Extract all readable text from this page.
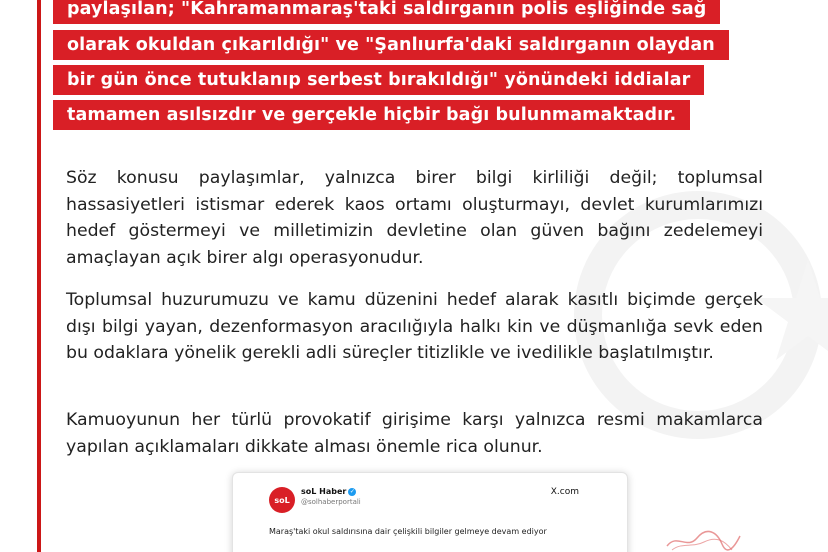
paylaşılan; "Kahramanmaraş'taki saldırganın polis eşliğinde sağ
olarak okuldan çıkarıldığı" ve "Şanlıurfa'daki saldırganın olaydan
bir gün önce tutuklanıp serbest bırakıldığı" yönündeki iddialar
tamamen asılsızdır ve gerçekle hiçbir bağı bulunmamaktadır.

Söz konusu paylaşımlar, yalnızca birer bilgi kirliliği değil; toplumsal hassasiyetleri istismar ederek kaos ortamı oluşturmayı, devlet kurumlarımızı hedef göstermeyi ve milletimizin devletine olan güven bağını zedelemeyi amaçlayan açık birer algı operasyonudur.

Toplumsal huzurumuzu ve kamu düzenini hedef alarak kasıtlı biçimde gerçek dışı bilgi yayan, dezenformasyon aracılığıyla halkı kin ve düşmanlığa sevk eden bu odaklara yönelik gerekli adli süreçler titizlikle ve ivedilikle başlatılmıştır.

Kamuoyunun her türlü provokatif girişime karşı yalnızca resmi makamlarca yapılan açıklamaları dikkate alması önemle rica olunur.

soL
soL Haber ✓
@solhaberportali
X.com
Maraş'taki okul saldırısına dair çelişkili bilgiler gelmeye devam ediyor
